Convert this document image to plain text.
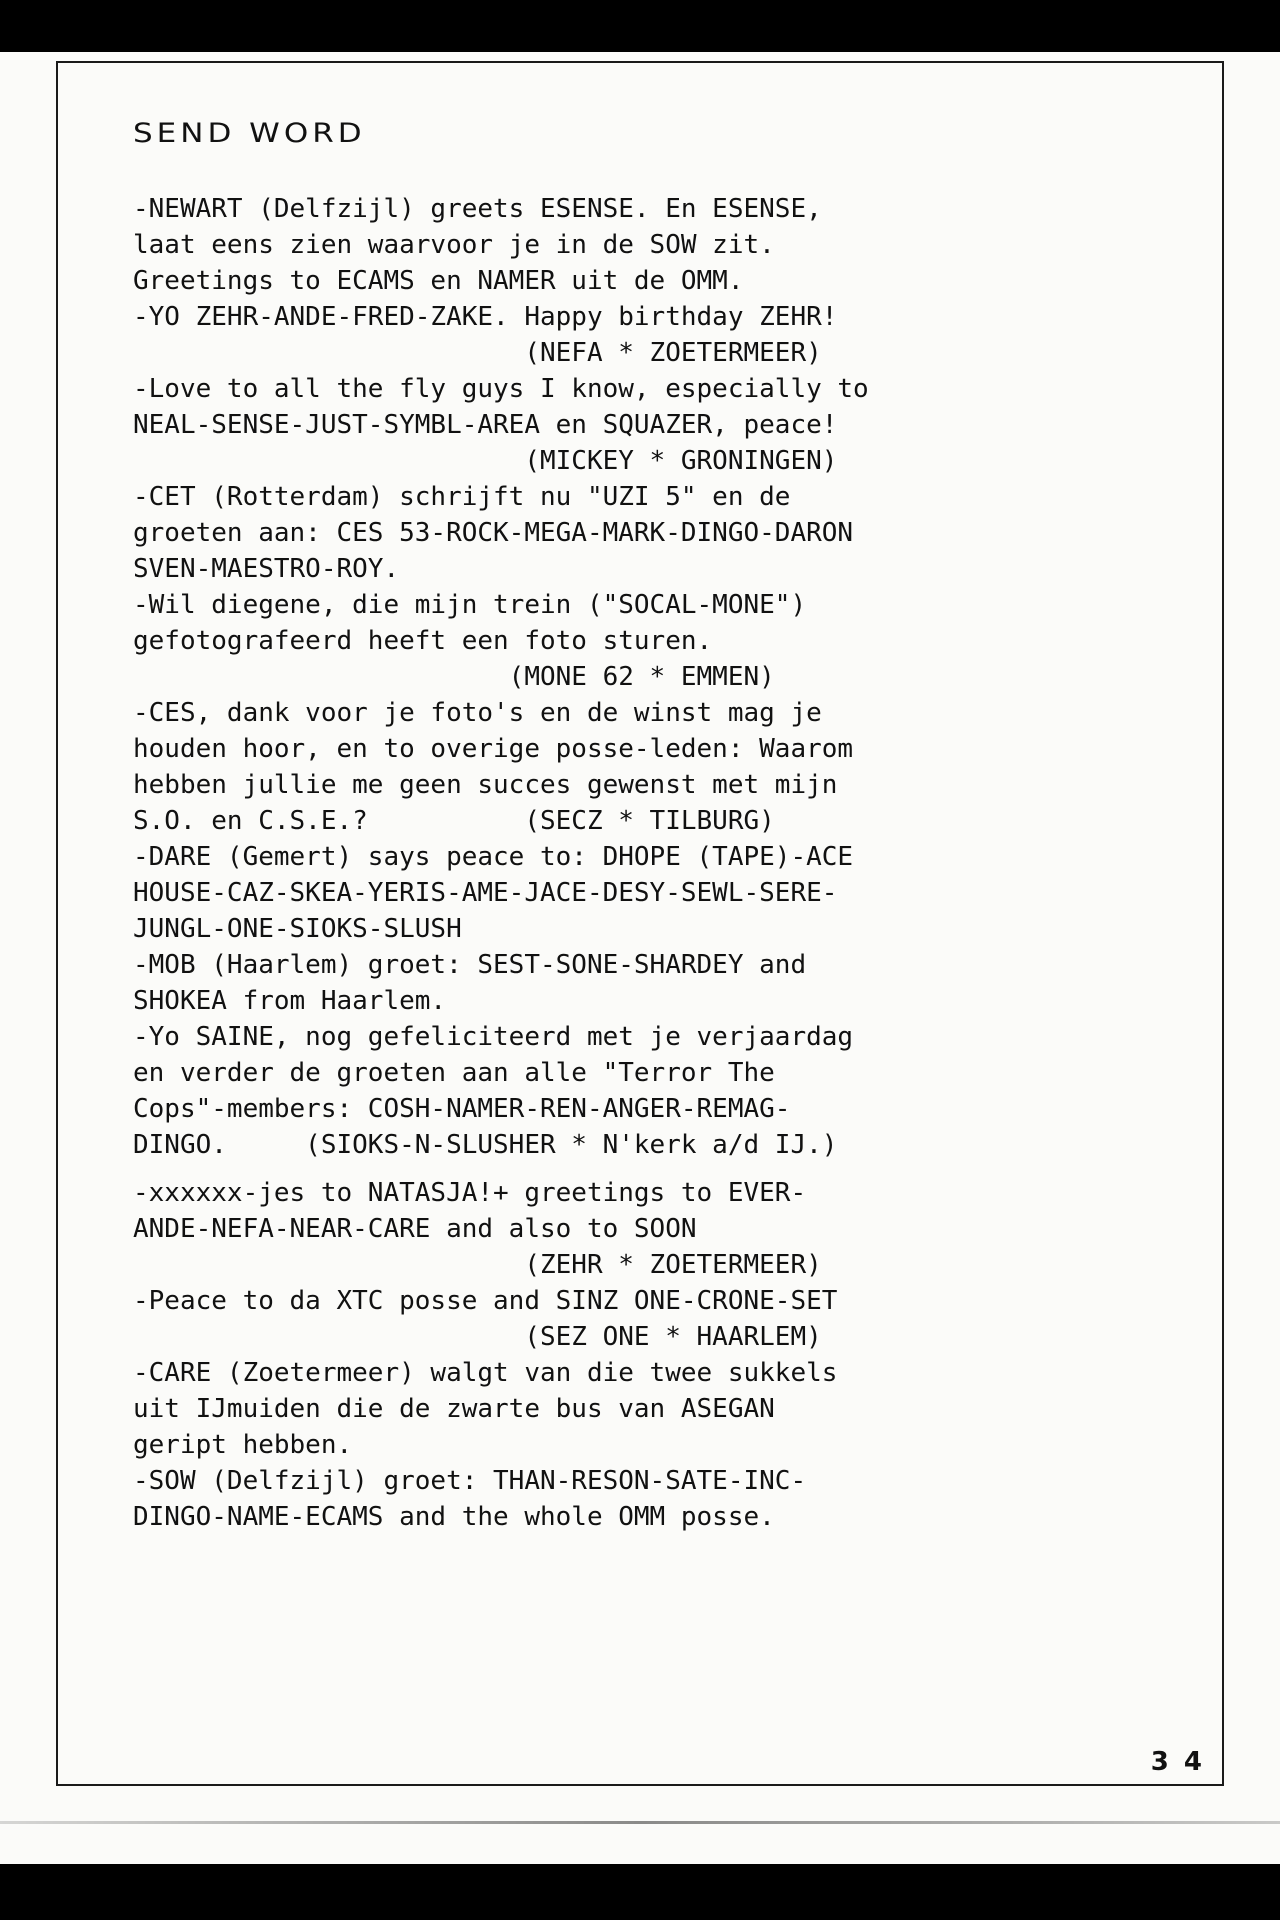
SEND WORD
-NEWART (Delfzijl) greets ESENSE. En ESENSE,
laat eens zien waarvoor je in de SOW zit.
Greetings to ECAMS en NAMER uit de OMM.
-YO ZEHR-ANDE-FRED-ZAKE. Happy birthday ZEHR!
(NEFA * ZOETERMEER)
-Love to all the fly guys I know, especially to
NEAL-SENSE-JUST-SYMBL-AREA en SQUAZER, peace!
(MICKEY * GRONINGEN)
-CET (Rotterdam) schrijft nu "UZI 5" en de
groeten aan: CES 53-ROCK-MEGA-MARK-DINGO-DARON
SVEN-MAESTRO-ROY.
-Wil diegene, die mijn trein ("SOCAL-MONE")
gefotografeerd heeft een foto sturen.
(MONE 62 * EMMEN)
-CES, dank voor je foto's en de winst mag je
houden hoor, en to overige posse-leden: Waarom
hebben jullie me geen succes gewenst met mijn
S.O. en C.S.E.?          (SECZ * TILBURG)
-DARE (Gemert) says peace to: DHOPE (TAPE)-ACE
HOUSE-CAZ-SKEA-YERIS-AME-JACE-DESY-SEWL-SERE-
JUNGL-ONE-SIOKS-SLUSH
-MOB (Haarlem) groet: SEST-SONE-SHARDEY and
SHOKEA from Haarlem.
-Yo SAINE, nog gefeliciteerd met je verjaardag
en verder de groeten aan alle "Terror The
Cops"-members: COSH-NAMER-REN-ANGER-REMAG-
DINGO.     (SIOKS-N-SLUSHER * N'kerk a/d IJ.)
-xxxxxx-jes to NATASJA!+ greetings to EVER-
ANDE-NEFA-NEAR-CARE and also to SOON
(ZEHR * ZOETERMEER)
-Peace to da XTC posse and SINZ ONE-CRONE-SET
(SEZ ONE * HAARLEM)
-CARE (Zoetermeer) walgt van die twee sukkels
uit IJmuiden die de zwarte bus van ASEGAN
geript hebben.
-SOW (Delfzijl) groet: THAN-RESON-SATE-INC-
DINGO-NAME-ECAMS and the whole OMM posse.
3 4
